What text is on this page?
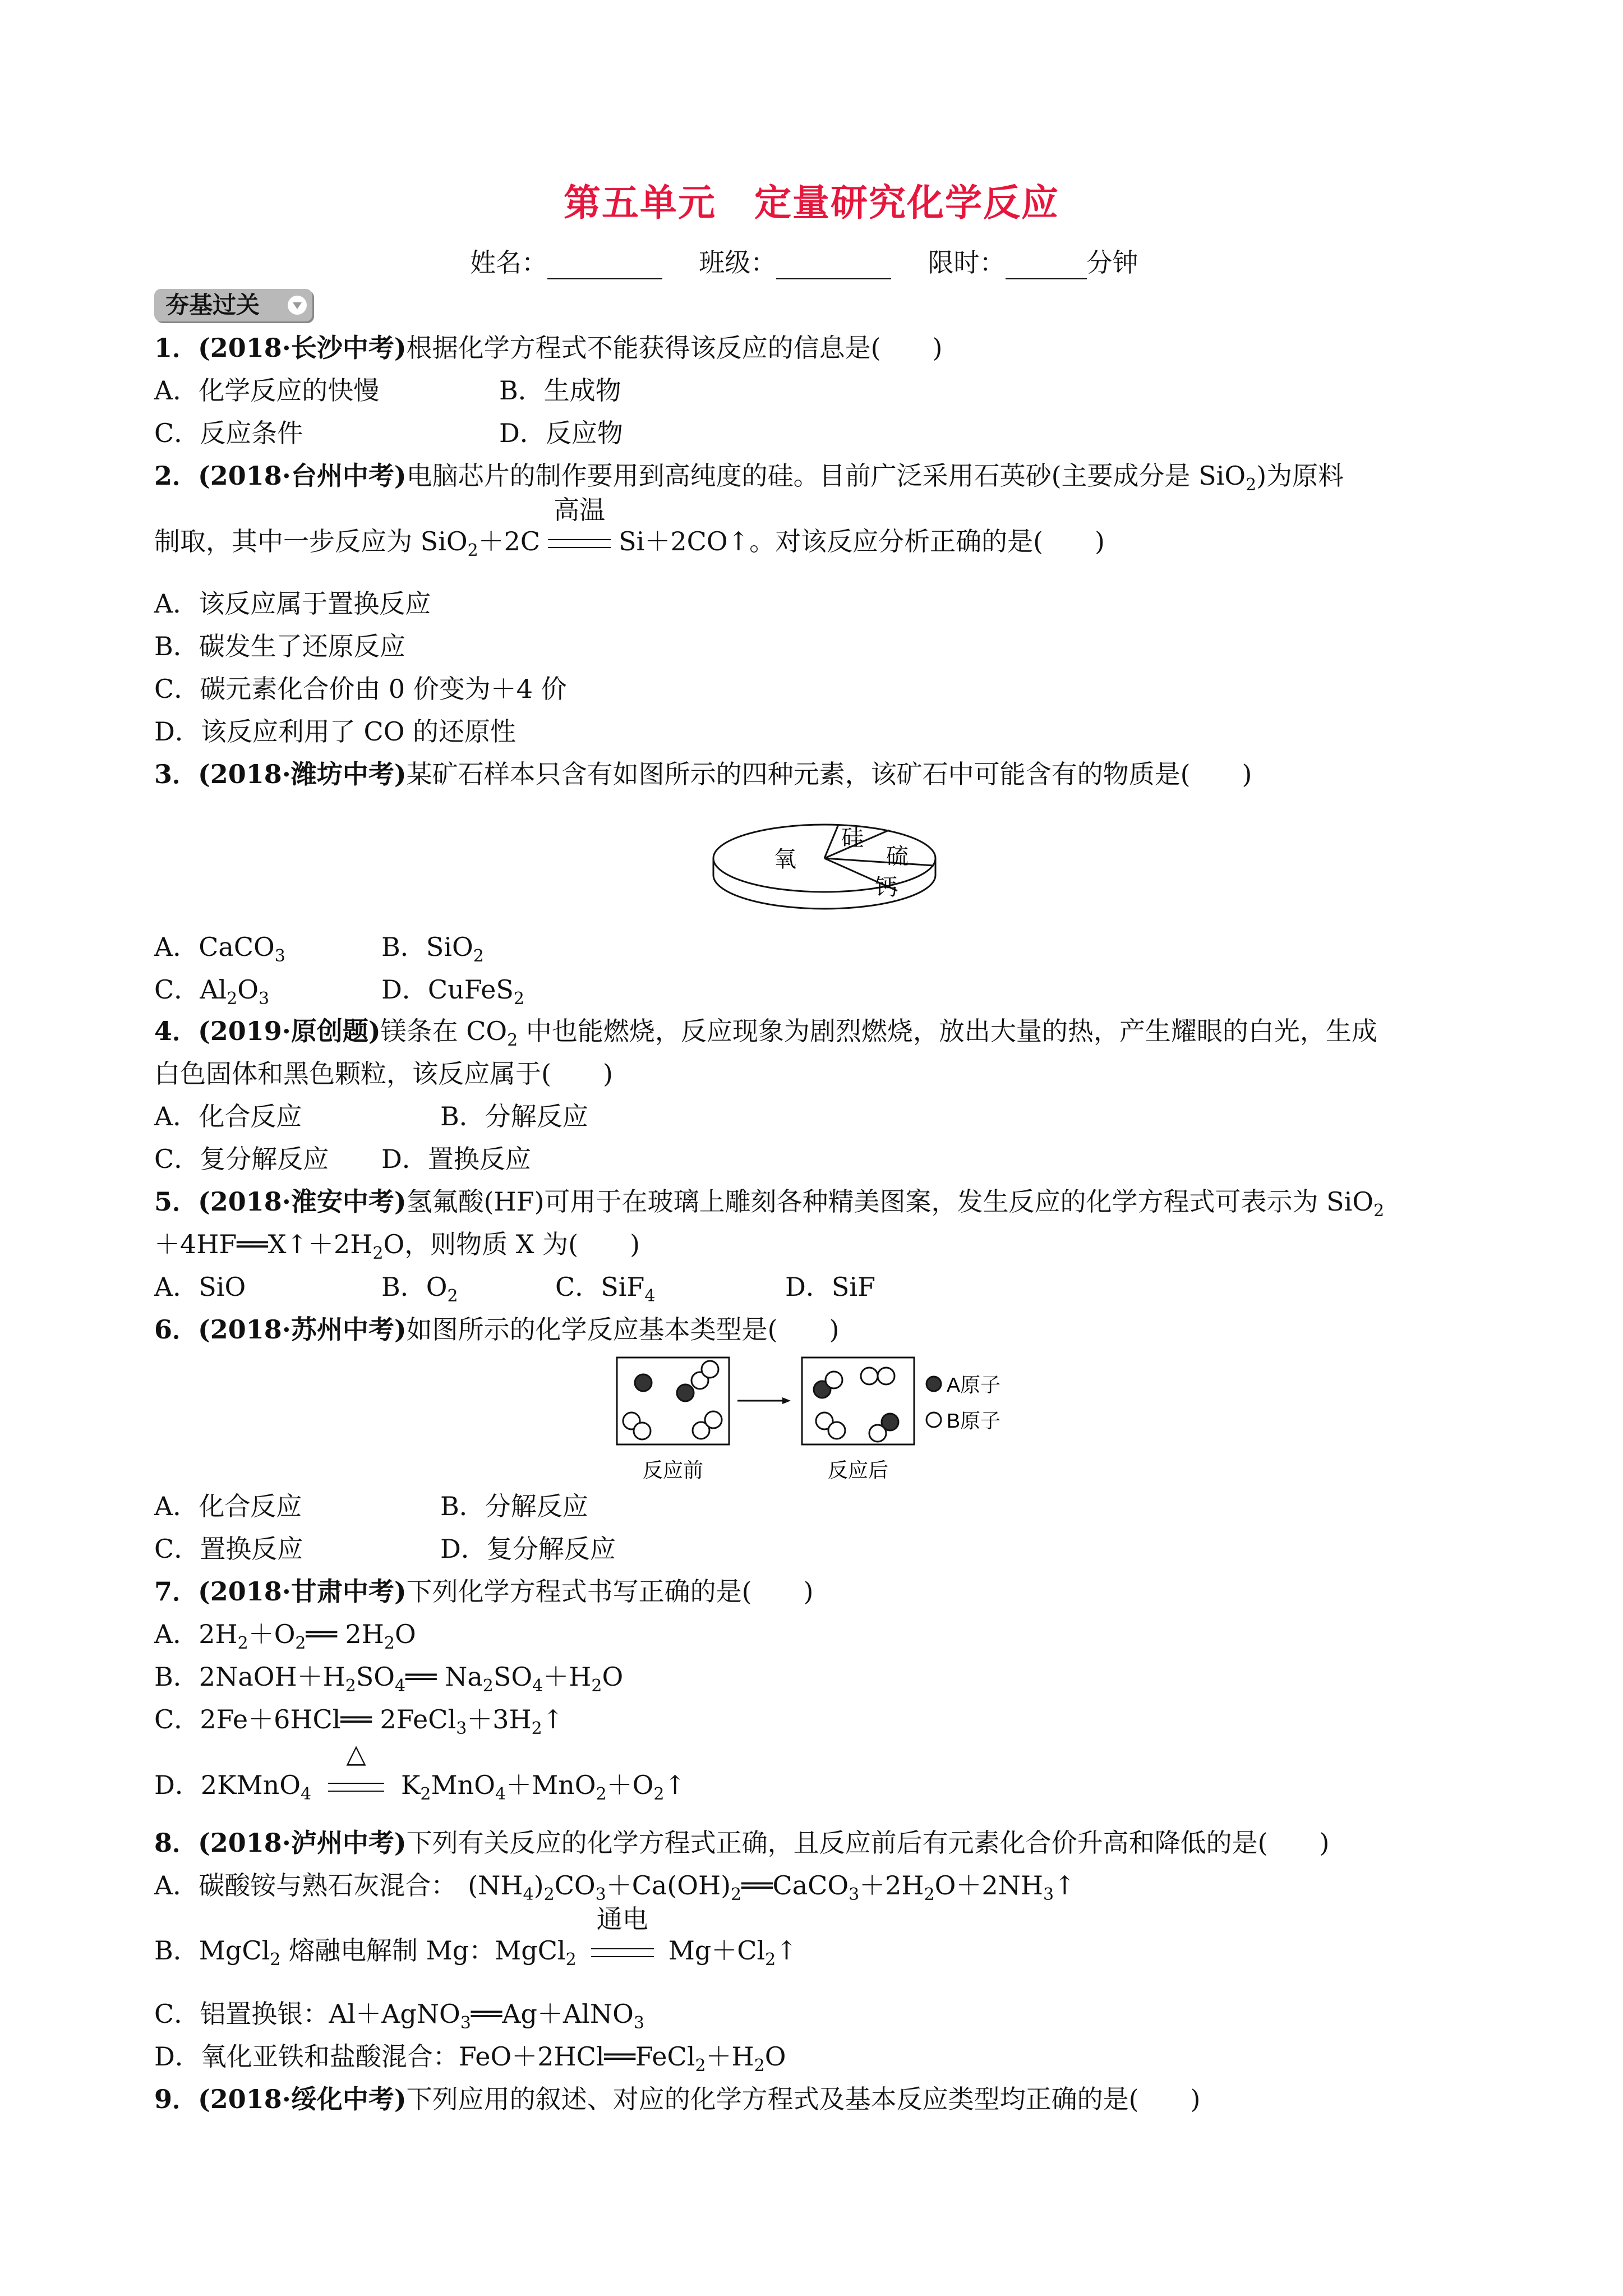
第五单元　定量研究化学反应
姓名：	班级：	限时：	分钟
夯基过关
1．(2018·长沙中考)根据化学方程式不能获得该反应的信息是(　　)
A．化学反应的快慢	B．生成物
C．反应条件	D．反应物
2．(2018·台州中考)电脑芯片的制作要用到高纯度的硅。目前广泛采用石英砂(主要成分是 SiO$_2$)为原料
制取，其中一步反应为 SiO$_2$＋2C
高温
Si＋2CO↑。对该反应分析正确的是(　　)
A．该反应属于置换反应
B．碳发生了还原反应
C．碳元素化合价由 0 价变为＋4 价
D．该反应利用了 CO 的还原性
3．(2018·潍坊中考)某矿石样本只含有如图所示的四种元素，该矿石中可能含有的物质是(　　)
氧
硅
硫
钙
A．CaCO$_3$	B．SiO$_2$
C．$Al_2O_3$	D．CuFeS$_2$
4．(2019·原创题)镁条在 $CO_2$ 中也能燃烧，反应现象为剧烈燃烧，放出大量的热，产生耀眼的白光，生成
白色固体和黑色颗粒，该反应属于(　　)
A．化合反应	B．分解反应
C．复分解反应 D．置换反应
5．(2018·淮安中考)氢氟酸(HF)可用于在玻璃上雕刻各种精美图案，发生反应的化学方程式可表示为 SiO$_2$
$+4HF══X↑+2H_2O$，则物质 X 为(　　)
A．SiO	B．$O_2$	C．SiF$_4$	D．SiF
6．(2018·苏州中考)如图所示的化学反应基本类型是(　　)
A原子
B原子
反应前	反应后
A．化合反应	B．分解反应
C．置换反应	D．复分解反应
7．(2018·甘肃中考)下列化学方程式书写正确的是(　　)
A．$2H_2+O_2══$ $2H_2O$
B．$2NaOH+H_2SO_4══$ $Na_2SO_4+H_2O$
C．2Fe＋6HCl══ $2FeCl_3+3H_2↑$
D．2KMnO$_4$
△
$K_2MnO_4+MnO_2+O_2↑$
8．(2018·泸州中考)下列有关反应的化学方程式正确，且反应前后有元素化合价升高和降低的是(　　)
A．碳酸铵与熟石灰混合： $(NH_4)_2CO_3+Ca(OH)_2══CaCO_3+2H_2O+2NH_3↑$
B．MgCl$_2$ 熔融电解制 Mg：MgCl$_2$
通电
$Mg+Cl_2↑$
C．铝置换银：Al＋AgNO$_3$══Ag＋AlNO$_3$
D．氧化亚铁和盐酸混合：$FeO+2HCl══FeCl_2+H_2O$
9．(2018·绥化中考)下列应用的叙述、对应的化学方程式及基本反应类型均正确的是(　　)
